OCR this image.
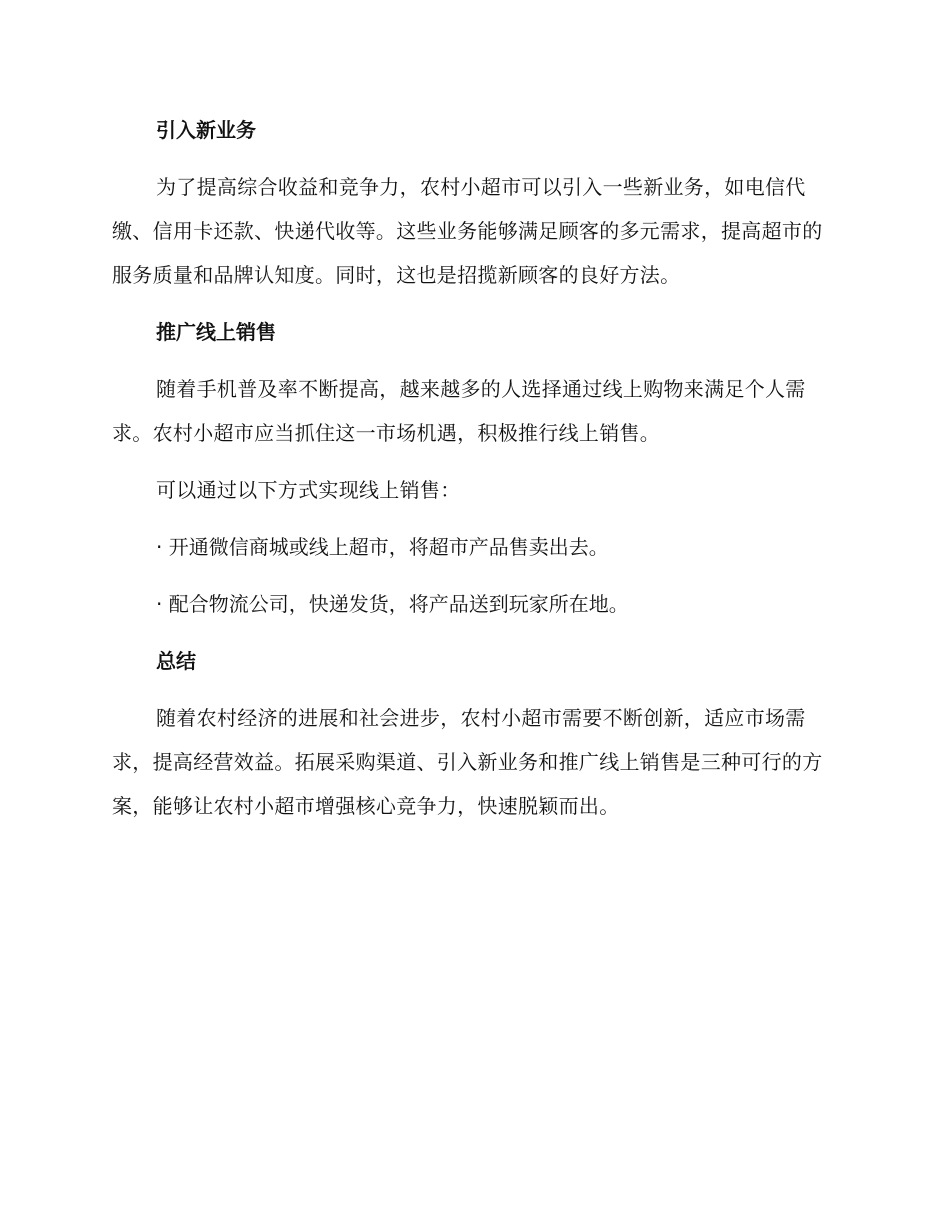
引入新业务

为了提高综合收益和竞争力，农村小超市可以引入一些新业务，如电信代缴、信用卡还款、快递代收等。这些业务能够满足顾客的多元需求，提高超市的服务质量和品牌认知度。同时，这也是招揽新顾客的良好方法。

推广线上销售

随着手机普及率不断提高，越来越多的人选择通过线上购物来满足个人需求。农村小超市应当抓住这一市场机遇，积极推行线上销售。

可以通过以下方式实现线上销售：

· 开通微信商城或线上超市，将超市产品售卖出去。
· 配合物流公司，快递发货，将产品送到玩家所在地。
总结

随着农村经济的进展和社会进步，农村小超市需要不断创新，适应市场需求，提高经营效益。拓展采购渠道、引入新业务和推广线上销售是三种可行的方案，能够让农村小超市增强核心竞争力，快速脱颖而出。
